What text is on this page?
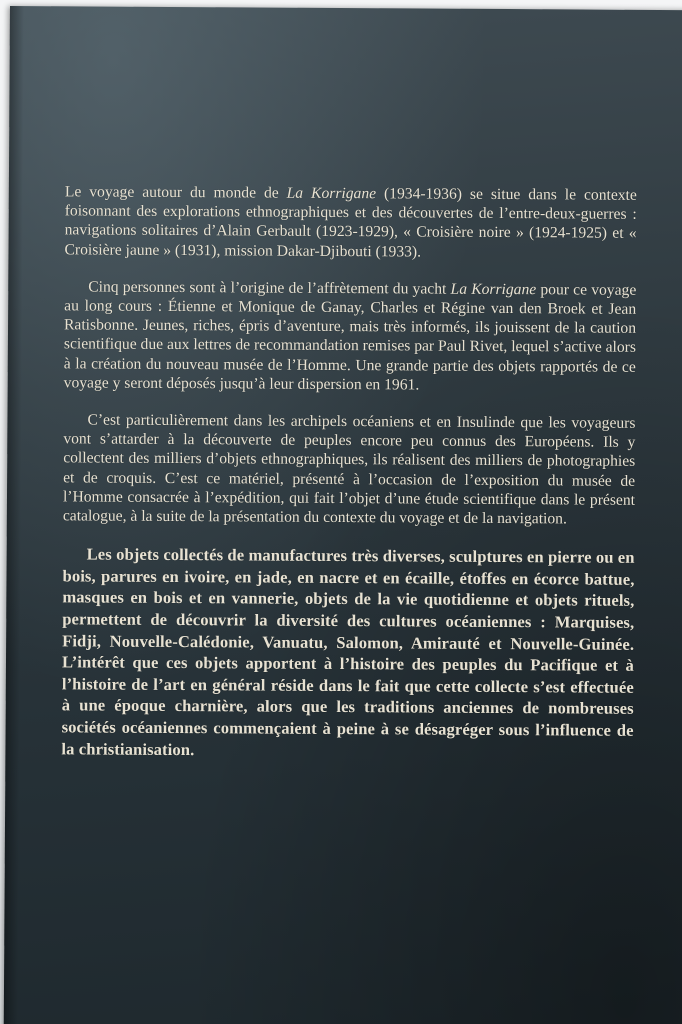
Le voyage autour du monde de La Korrigane (1934-1936) se situe dans le contexte foisonnant des explorations ethnographiques et des découvertes de l’entre-deux-guerres : navigations solitaires d’Alain Gerbault (1923-1929), « Croisière noire » (1924-1925) et « Croisière jaune » (1931), mission Dakar-Djibouti (1933).

Cinq personnes sont à l’origine de l’affrètement du yacht La Korrigane pour ce voyage au long cours : Étienne et Monique de Ganay, Charles et Régine van den Broek et Jean Ratisbonne. Jeunes, riches, épris d’aventure, mais très informés, ils jouissent de la caution scientifique due aux lettres de recommandation remises par Paul Rivet, lequel s’active alors à la création du nouveau musée de l’Homme. Une grande partie des objets rapportés de ce voyage y seront déposés jusqu’à leur dispersion en 1961.

C’est particulièrement dans les archipels océaniens et en Insulinde que les voyageurs vont s’attarder à la découverte de peuples encore peu connus des Européens. Ils y collectent des milliers d’objets ethnographiques, ils réalisent des milliers de photographies et de croquis. C’est ce matériel, présenté à l’occasion de l’exposition du musée de l’Homme consacrée à l’expédition, qui fait l’objet d’une étude scientifique dans le présent catalogue, à la suite de la présentation du contexte du voyage et de la navigation.

Les objets collectés de manufactures très diverses, sculptures en pierre ou en bois, parures en ivoire, en jade, en nacre et en écaille, étoffes en écorce battue, masques en bois et en vannerie, objets de la vie quotidienne et objets rituels, permettent de découvrir la diversité des cultures océaniennes : Marquises, Fidji, Nouvelle-Calédonie, Vanuatu, Salomon, Amirauté et Nouvelle-Guinée. L’intérêt que ces objets apportent à l’histoire des peuples du Pacifique et à l’histoire de l’art en général réside dans le fait que cette collecte s’est effectuée à une époque charnière, alors que les traditions anciennes de nombreuses sociétés océaniennes commençaient à peine à se désagréger sous l’influence de la christianisation.
